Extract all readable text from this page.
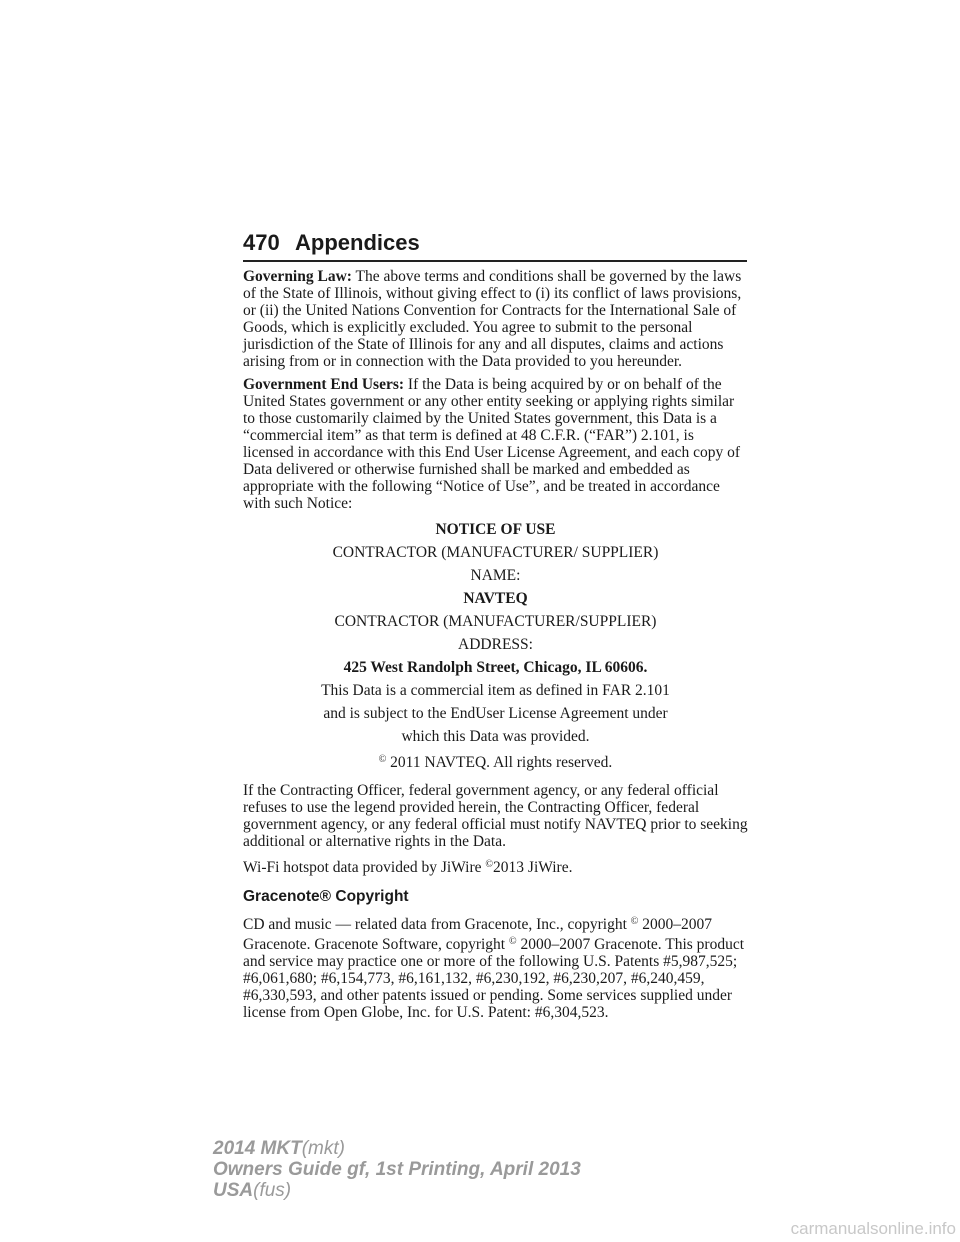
470 Appendices

Governing Law: The above terms and conditions shall be governed by the laws of the State of Illinois, without giving effect to (i) its conflict of laws provisions, or (ii) the United Nations Convention for Contracts for the International Sale of Goods, which is explicitly excluded. You agree to submit to the personal jurisdiction of the State of Illinois for any and all disputes, claims and actions arising from or in connection with the Data provided to you hereunder.

Government End Users: If the Data is being acquired by or on behalf of the United States government or any other entity seeking or applying rights similar to those customarily claimed by the United States government, this Data is a “commercial item” as that term is defined at 48 C.F.R. (“FAR”) 2.101, is licensed in accordance with this End User License Agreement, and each copy of Data delivered or otherwise furnished shall be marked and embedded as appropriate with the following “Notice of Use”, and be treated in accordance with such Notice:

NOTICE OF USE
CONTRACTOR (MANUFACTURER/ SUPPLIER)
NAME:
NAVTEQ
CONTRACTOR (MANUFACTURER/SUPPLIER)
ADDRESS:
425 West Randolph Street, Chicago, IL 60606.
This Data is a commercial item as defined in FAR 2.101
and is subject to the EndUser License Agreement under
which this Data was provided.
© 2011 NAVTEQ. All rights reserved.

If the Contracting Officer, federal government agency, or any federal official refuses to use the legend provided herein, the Contracting Officer, federal government agency, or any federal official must notify NAVTEQ prior to seeking additional or alternative rights in the Data.

Wi-Fi hotspot data provided by JiWire ©2013 JiWire.

Gracenote® Copyright

CD and music — related data from Gracenote, Inc., copyright © 2000–2007 Gracenote. Gracenote Software, copyright © 2000–2007 Gracenote. This product and service may practice one or more of the following U.S. Patents #5,987,525; #6,061,680; #6,154,773, #6,161,132, #6,230,192, #6,230,207, #6,240,459, #6,330,593, and other patents issued or pending. Some services supplied under license from Open Globe, Inc. for U.S. Patent: #6,304,523.

2014 MKT(mkt)
Owners Guide gf, 1st Printing, April 2013
USA(fus)
carmanualsonline.info
